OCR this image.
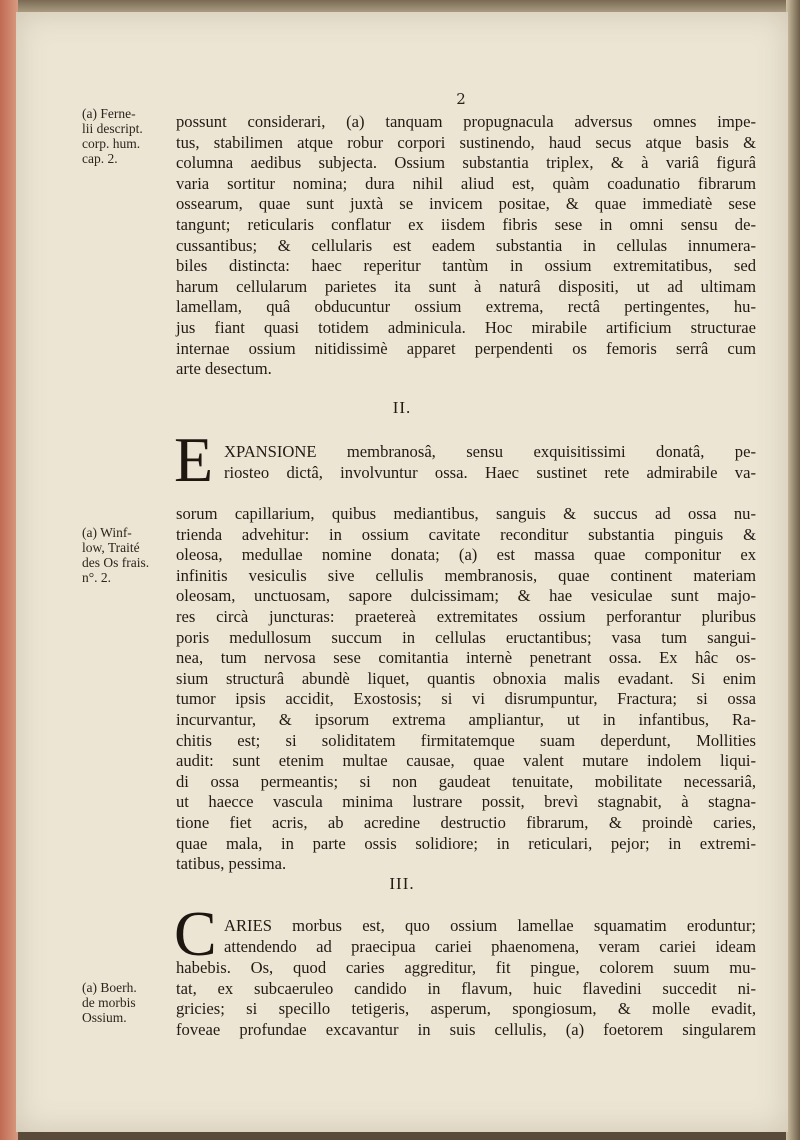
2
(a) Ferne-
lii descript.
corp. hum.
cap. 2.
(a) Winf-
low, Traité
des Os frais.
n°. 2.
(a) Boerh.
de morbis
Ossium.
possunt considerari, (a) tanquam propugnacula adversus omnes impe-
tus, stabilimen atque robur corpori sustinendo, haud secus atque basis &
columna aedibus subjecta. Ossium substantia triplex, & à variâ figurâ
varia sortitur nomina; dura nihil aliud est, quàm coadunatio fibrarum
ossearum, quae sunt juxtà se invicem positae, & quae immediatè sese
tangunt; reticularis conflatur ex iisdem fibris sese in omni sensu de-
cussantibus; & cellularis est eadem substantia in cellulas innumera-
biles distincta: haec reperitur tantùm in ossium extremitatibus, sed
harum cellularum parietes ita sunt à naturâ dispositi, ut ad ultimam
lamellam, quâ obducuntur ossium extrema, rectâ pertingentes, hu-
jus fiant quasi totidem adminicula. Hoc mirabile artificium structurae
internae ossium nitidissimè apparet perpendenti os femoris serrâ cum
arte desectum.
II.
E XPANSIONE membranosâ, sensu exquisitissimi donatâ, pe-
riosteo dictâ, involvuntur ossa. Haec sustinet rete admirabile va-
sorum capillarium, quibus mediantibus, sanguis & succus ad ossa nu-
trienda advehitur: in ossium cavitate reconditur substantia pinguis &
oleosa, medullae nomine donata; (a) est massa quae componitur ex
infinitis vesiculis sive cellulis membranosis, quae continent materiam
oleosam, unctuosam, sapore dulcissimam; & hae vesiculae sunt majo-
res circà juncturas: praetereà extremitates ossium perforantur pluribus
poris medullosum succum in cellulas eructantibus; vasa tum sangui-
nea, tum nervosa sese comitantia internè penetrant ossa. Ex hâc os-
sium structurâ abundè liquet, quantis obnoxia malis evadant. Si enim
tumor ipsis accidit, Exostosis; si vi disrumpuntur, Fractura; si ossa
incurvantur, & ipsorum extrema ampliantur, ut in infantibus, Ra-
chitis est; si soliditatem firmitatemque suam deperdunt, Mollities
audit: sunt etenim multae causae, quae valent mutare indolem liqui-
di ossa permeantis; si non gaudeat tenuitate, mobilitate necessariâ,
ut haecce vascula minima lustrare possit, brevì stagnabit, à stagna-
tione fiet acris, ab acredine destructio fibrarum, & proindè caries,
quae mala, in parte ossis solidiore; in reticulari, pejor; in extremi-
tatibus, pessima.
III.
C ARIES morbus est, quo ossium lamellae squamatim eroduntur;
attendendo ad praecipua cariei phaenomena, veram cariei ideam
habebis. Os, quod caries aggreditur, fit pingue, colorem suum mu-
tat, ex subcaeruleo candido in flavum, huic flavedini succedit ni-
gricies; si specillo tetigeris, asperum, spongiosum, & molle evadit,
foveae profundae excavantur in suis cellulis, (a) foetorem singularem
